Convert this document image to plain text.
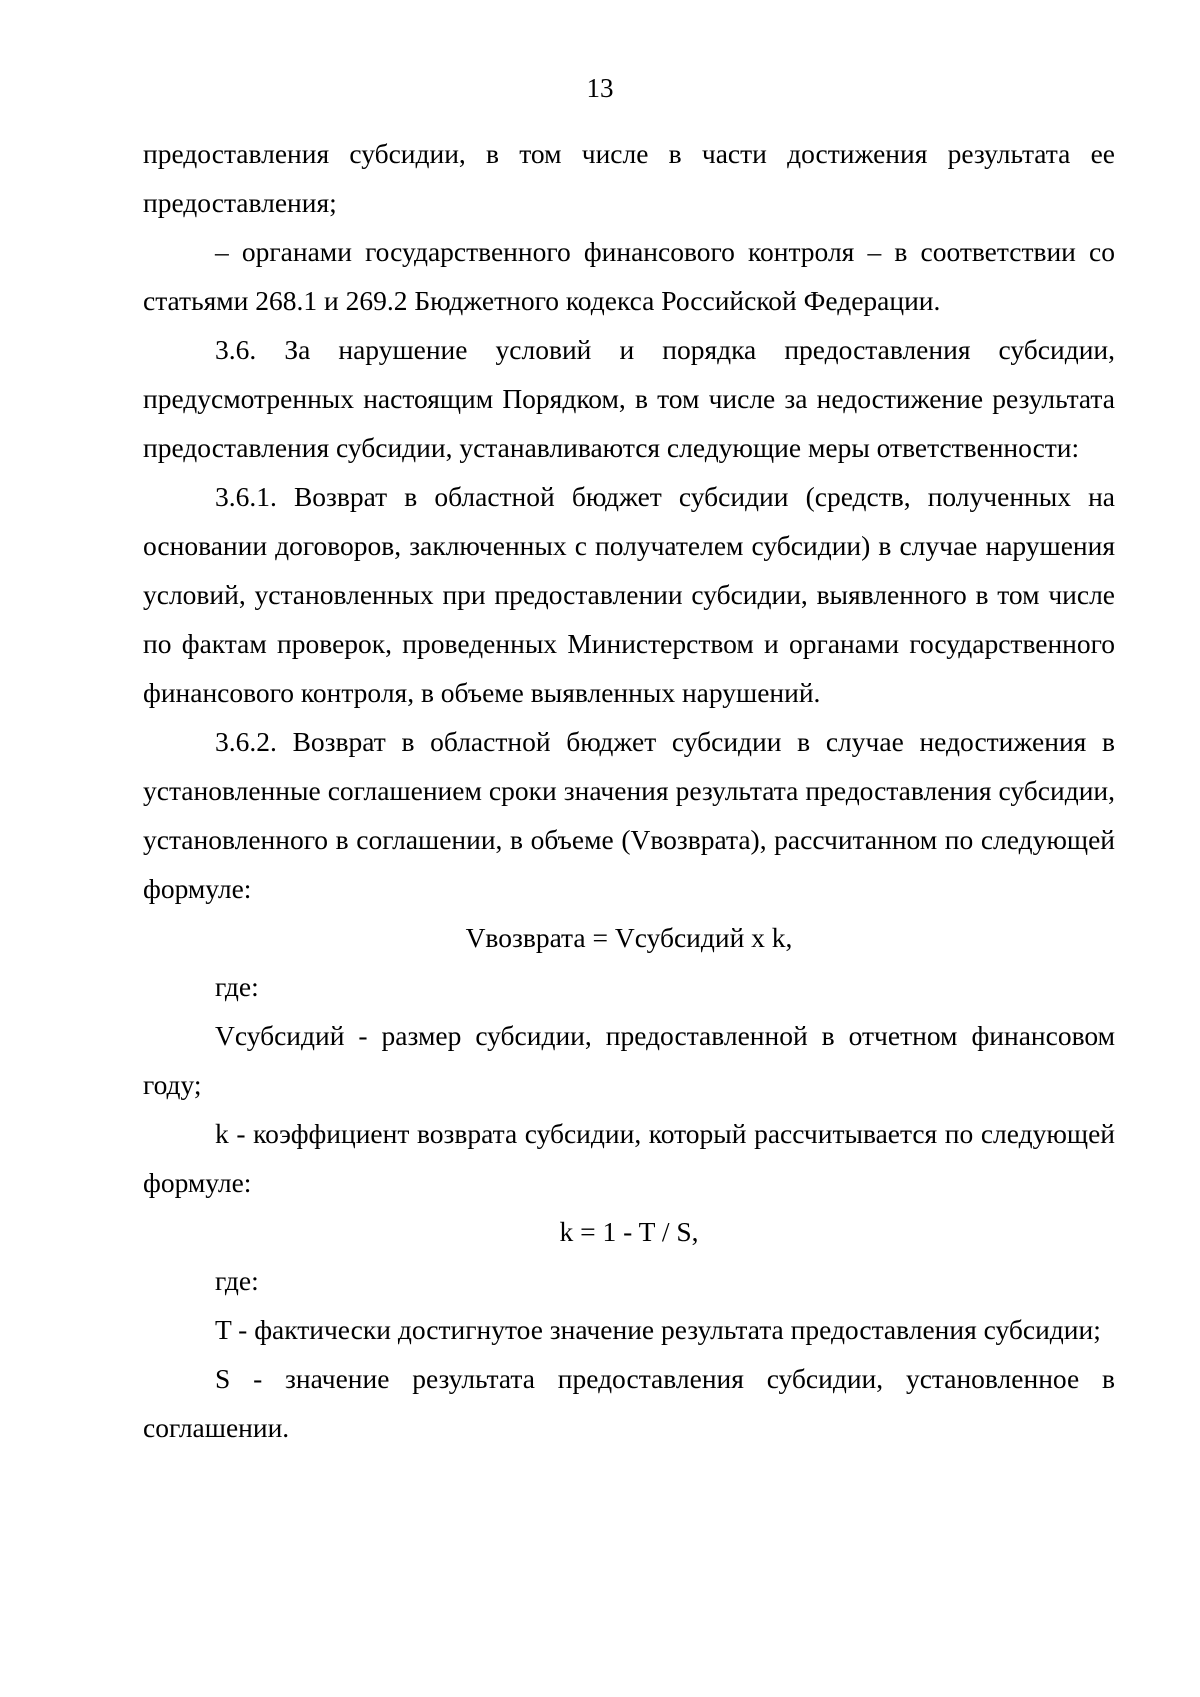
13

предоставления субсидии, в том числе в части достижения результата ее предоставления;

– органами государственного финансового контроля – в соответствии со статьями 268.1 и 269.2 Бюджетного кодекса Российской Федерации.

3.6. За нарушение условий и порядка предоставления субсидии, предусмотренных настоящим Порядком, в том числе за недостижение результата предоставления субсидии, устанавливаются следующие меры ответственности:

3.6.1. Возврат в областной бюджет субсидии (средств, полученных на основании договоров, заключенных с получателем субсидии) в случае нарушения условий, установленных при предоставлении субсидии, выявленного в том числе по фактам проверок, проведенных Министерством и органами государственного финансового контроля, в объеме выявленных нарушений.

3.6.2. Возврат в областной бюджет субсидии в случае недостижения в установленные соглашением сроки значения результата предоставления субсидии, установленного в соглашении, в объеме (Vвозврата), рассчитанном по следующей формуле:

Vвозврата = Vсубсидий x k,

где:

Vсубсидий - размер субсидии, предоставленной в отчетном финансовом году;

k - коэффициент возврата субсидии, который рассчитывается по следующей формуле:

k = 1 - T / S,

где:

T - фактически достигнутое значение результата предоставления субсидии;

S - значение результата предоставления субсидии, установленное в соглашении.
